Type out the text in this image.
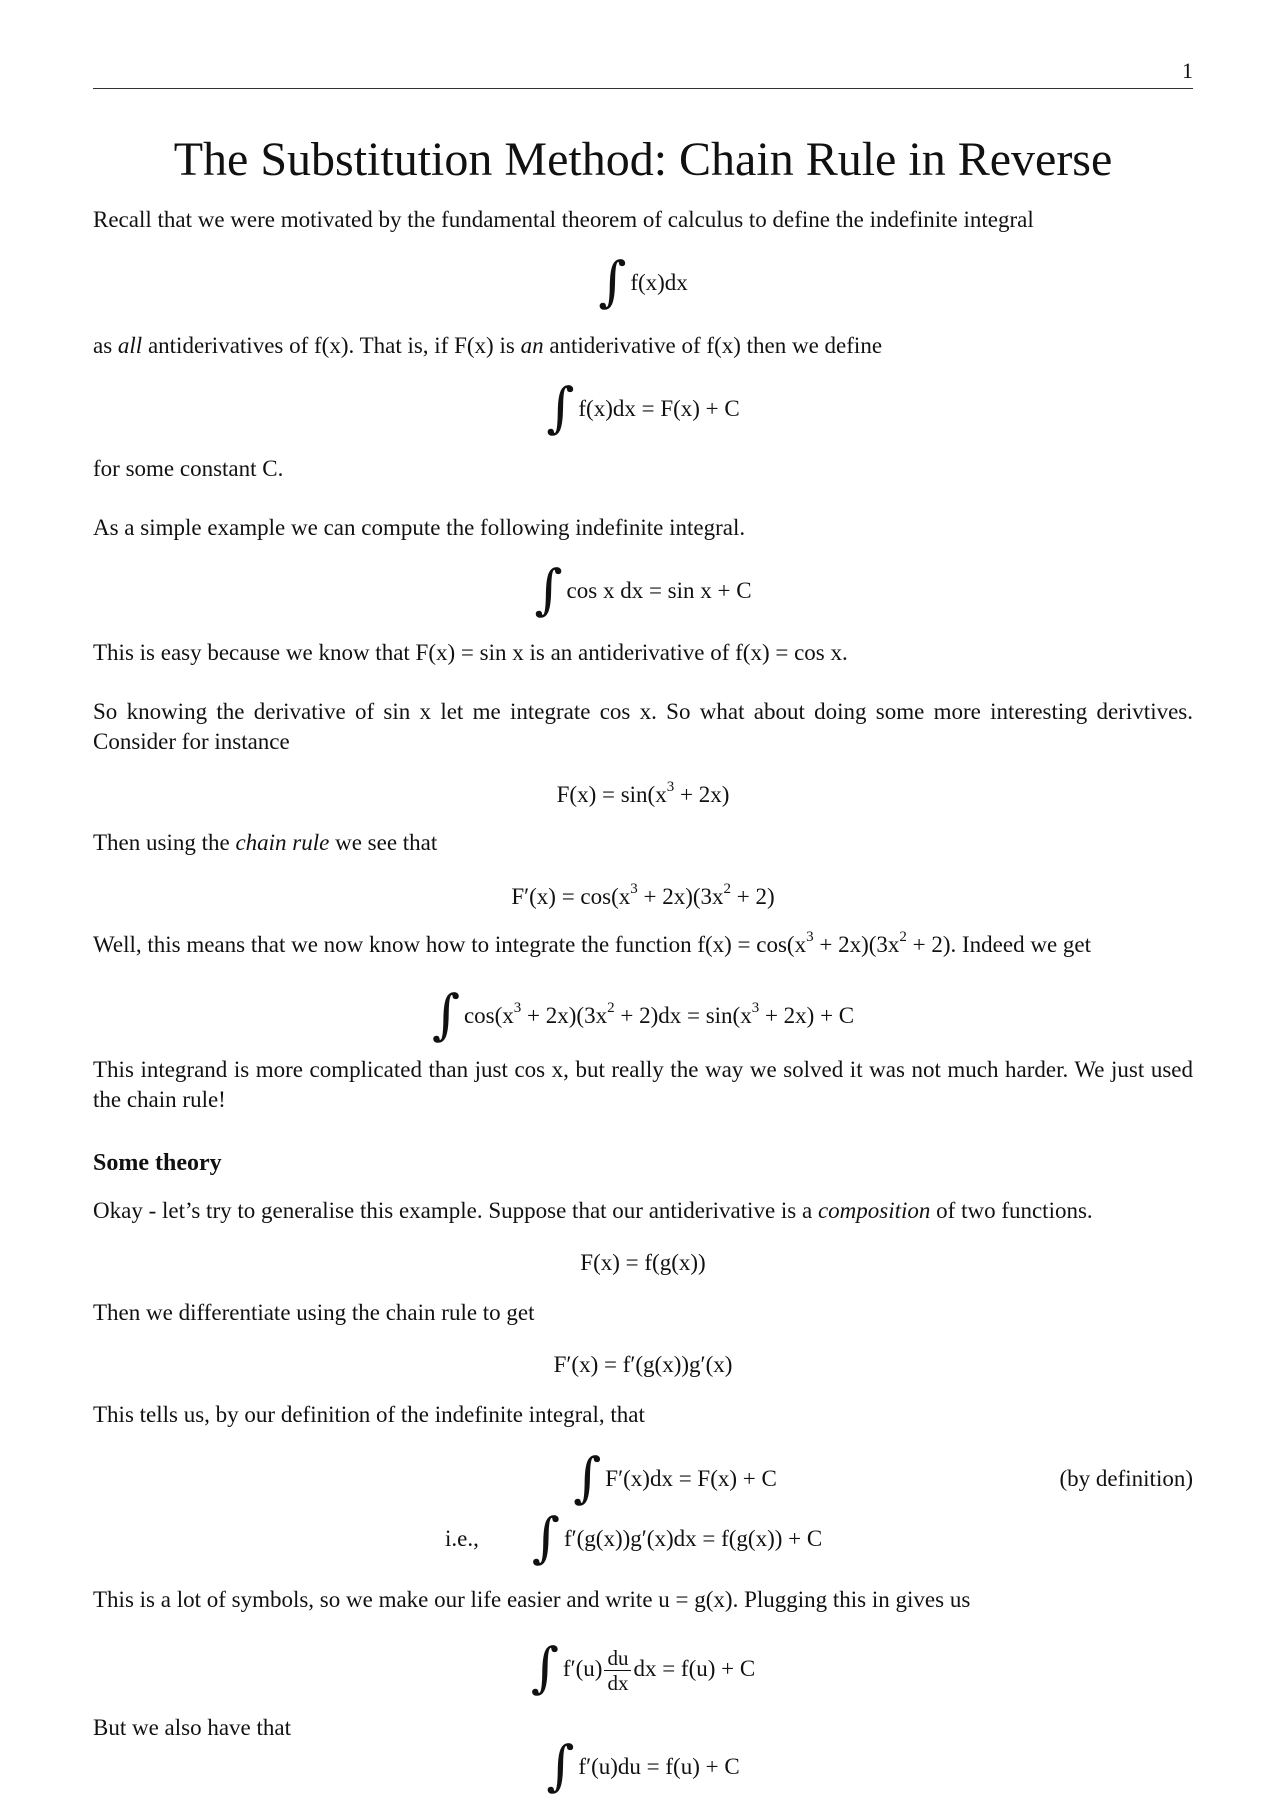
1
The Substitution Method: Chain Rule in Reverse
Recall that we were motivated by the fundamental theorem of calculus to define the indefinite integral
∫ f(x)dx
as all antiderivatives of f(x). That is, if F(x) is an antiderivative of f(x) then we define
∫ f(x)dx = F(x) + C
for some constant C.
As a simple example we can compute the following indefinite integral.
∫ cos x dx = sin x + C
This is easy because we know that F(x) = sin x is an antiderivative of f(x) = cos x.
So knowing the derivative of sin x let me integrate cos x. So what about doing some more interesting derivtives. Consider for instance
$F(x) = \sin(x^3 + 2x)$
Then using the chain rule we see that
$F'(x) = \cos(x^3 + 2x)(3x^2 + 2)$
Well, this means that we now know how to integrate the function $f(x) = \cos(x^3 + 2x)(3x^2 + 2)$. Indeed we get
∫ $\cos(x^3 + 2x)(3x^2 + 2)dx = \sin(x^3 + 2x) + C$
This integrand is more complicated than just cos x, but really the way we solved it was not much harder. We just used the chain rule!
Some theory
Okay - let’s try to generalise this example. Suppose that our antiderivative is a composition of two functions.
F(x) = f(g(x))
Then we differentiate using the chain rule to get
F′(x) = f′(g(x))g′(x)
This tells us, by our definition of the indefinite integral, that
∫ F′(x)dx = F(x) + C	(by definition)
i.e., ∫ f′(g(x))g′(x)dx = f(g(x)) + C
This is a lot of symbols, so we make our life easier and write u = g(x). Plugging this in gives us
∫ $f'(u) \frac{du}{dx}$ dx = f(u) + C
But we also have that
∫ f′(u)du = f(u) + C
